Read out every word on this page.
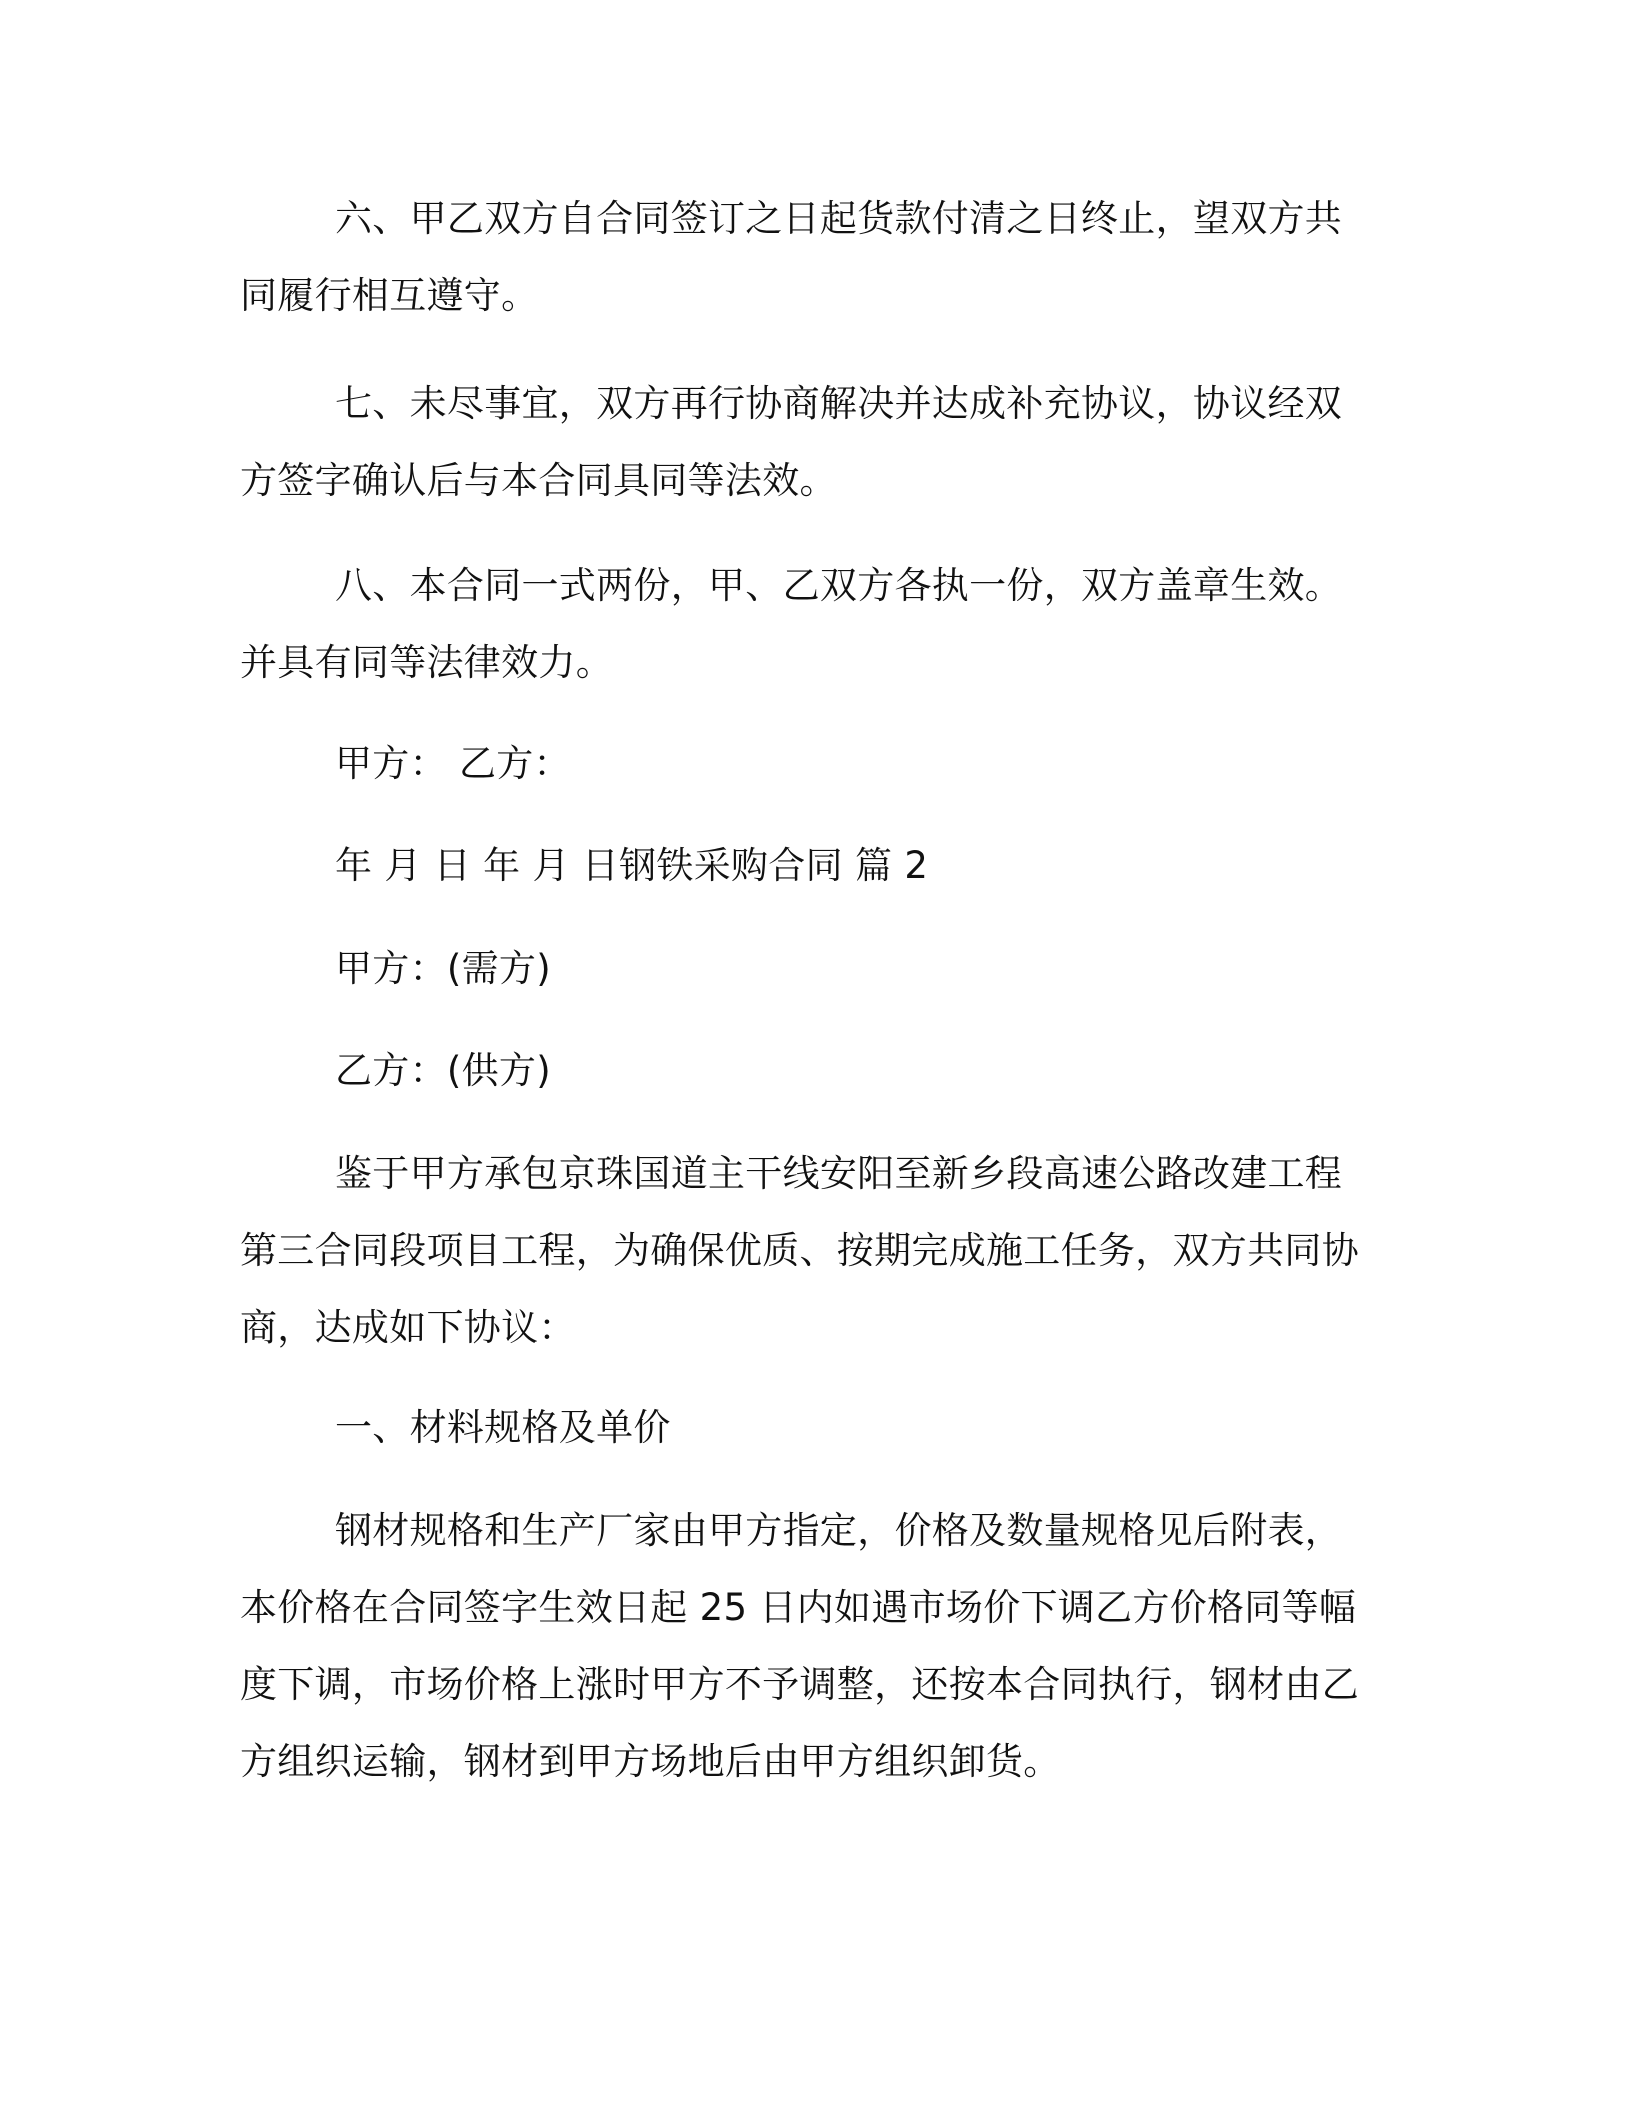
六、甲乙双方自合同签订之日起货款付清之日终止，望双方共同履行相互遵守。

七、未尽事宜，双方再行协商解决并达成补充协议，协议经双方签字确认后与本合同具同等法效。

八、本合同一式两份，甲、乙双方各执一份，双方盖章生效。并具有同等法律效力。

甲方： 乙方：

年 月 日 年 月 日钢铁采购合同 篇 2

甲方：(需方)

乙方：(供方)

鉴于甲方承包京珠国道主干线安阳至新乡段高速公路改建工程第三合同段项目工程，为确保优质、按期完成施工任务，双方共同协商，达成如下协议：

一、材料规格及单价

钢材规格和生产厂家由甲方指定，价格及数量规格见后附表，本价格在合同签字生效日起 25 日内如遇市场价下调乙方价格同等幅度下调，市场价格上涨时甲方不予调整，还按本合同执行，钢材由乙方组织运输，钢材到甲方场地后由甲方组织卸货。
